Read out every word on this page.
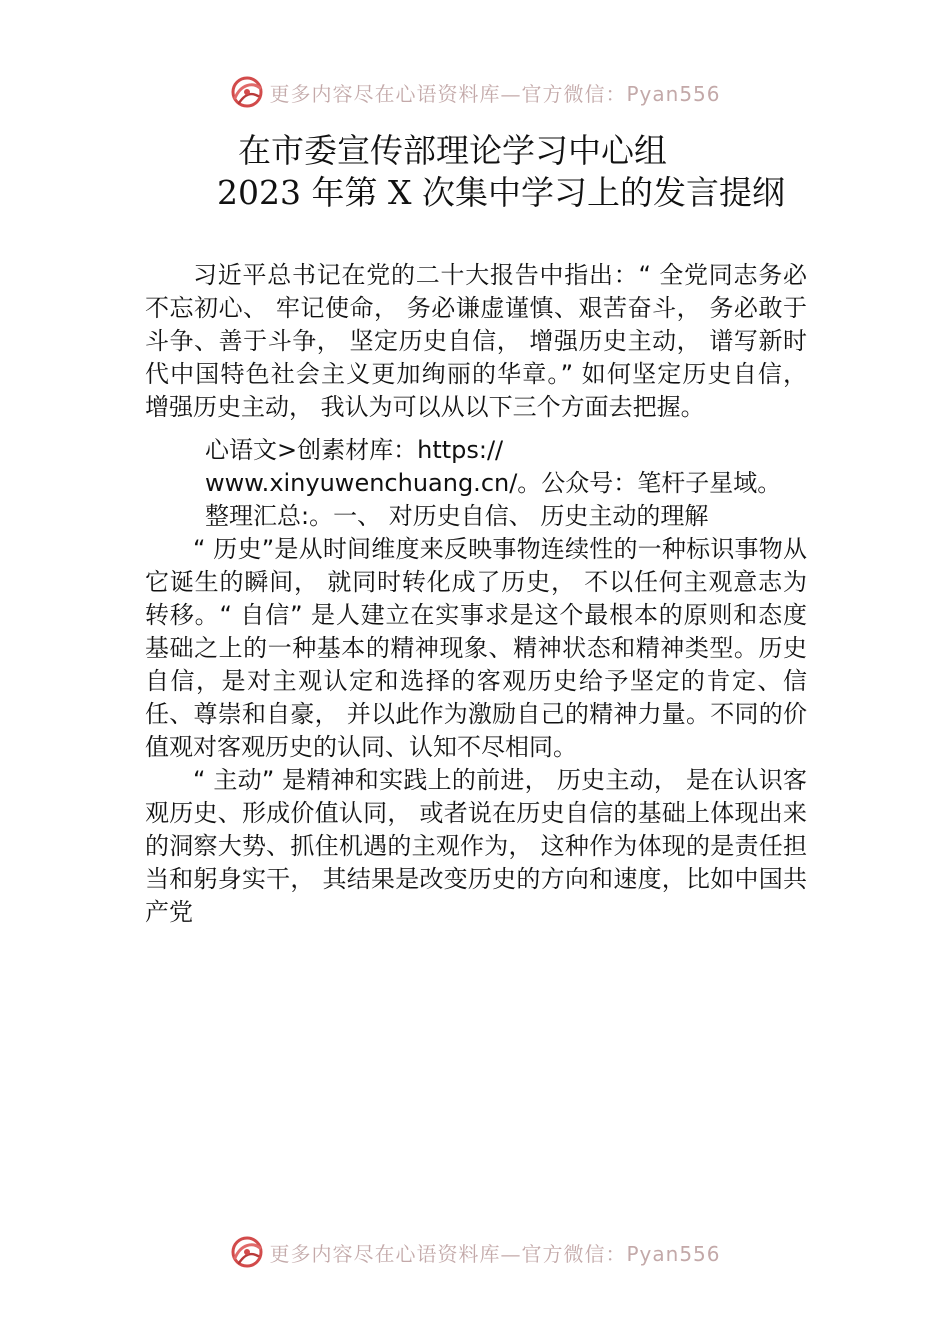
更多内容尽在心语资料库—官方微信：Pyan556
在市委宣传部理论学习中心组
2023 年第 X 次集中学习上的发言提纲

习近平总书记在党的二十大报告中指出：“ 全党同志务必不忘初心、 牢记使命， 务必谦虚谨慎、艰苦奋斗， 务必敢于斗争、善于斗争， 坚定历史自信， 增强历史主动， 谱写新时代中国特色社会主义更加绚丽的华章。” 如何坚定历史自信， 增强历史主动， 我认为可以从以下三个方面去把握。

心语文>创素材库：https://
www.xinyuwenchuang.cn/。公众号：笔杆子星域。
整理汇总:。一、 对历史自信、 历史主动的理解

“ 历史”是从时间维度来反映事物连续性的一种标识事物从它诞生的瞬间， 就同时转化成了历史， 不以任何主观意志为转移。“ 自信” 是人建立在实事求是这个最根本的原则和态度基础之上的一种基本的精神现象、精神状态和精神类型。历史自信，是对主观认定和选择的客观历史给予坚定的肯定、信任、尊崇和自豪， 并以此作为激励自己的精神力量。不同的价值观对客观历史的认同、认知不尽相同。

“ 主动” 是精神和实践上的前进， 历史主动， 是在认识客观历史、形成价值认同， 或者说在历史自信的基础上体现出来的洞察大势、抓住机遇的主观作为， 这种作为体现的是责任担当和躬身实干， 其结果是改变历史的方向和速度，比如中国共产党

更多内容尽在心语资料库—官方微信：Pyan556
